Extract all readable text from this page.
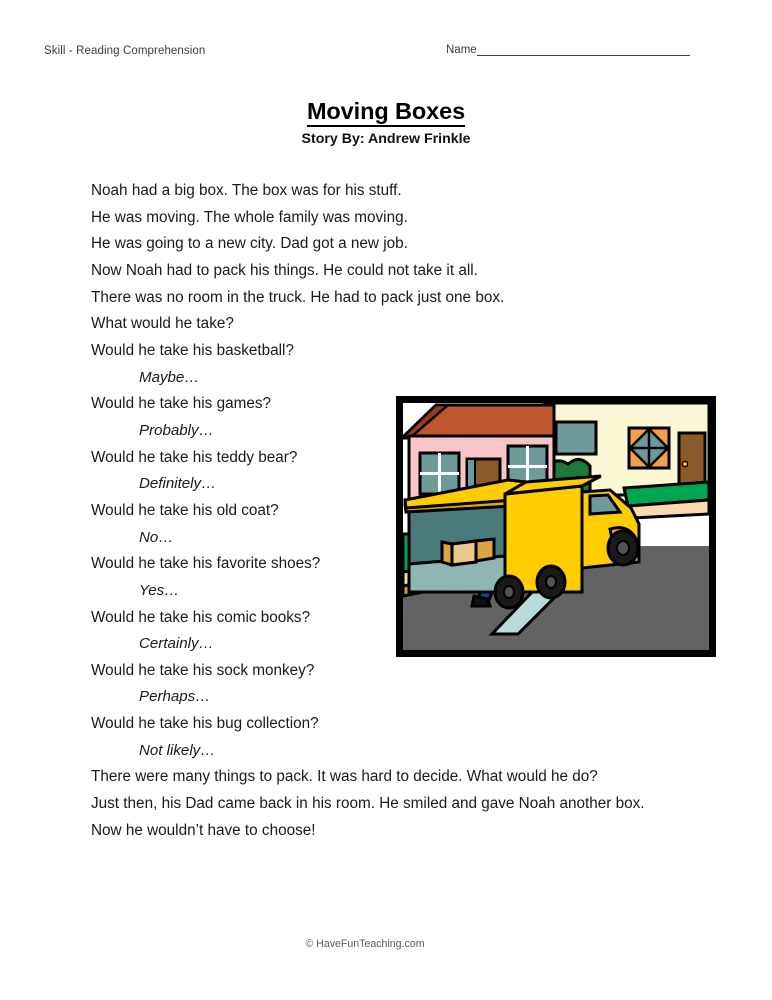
Skill - Reading Comprehension	Name
Moving Boxes
Story By: Andrew Frinkle
Noah had a big box. The box was for his stuff.
He was moving. The whole family was moving.
He was going to a new city. Dad got a new job.
Now Noah had to pack his things. He could not take it all.
There was no room in the truck. He had to pack just one box.
What would he take?
Would he take his basketball?
Maybe…
Would he take his games?
Probably…
Would he take his teddy bear?
Definitely…
Would he take his old coat?
No…
Would he take his favorite shoes?
Yes…
Would he take his comic books?
Certainly…
Would he take his sock monkey?
Perhaps…
Would he take his bug collection?
Not likely…
There were many things to pack. It was hard to decide. What would he do?
Just then, his Dad came back in his room. He smiled and gave Noah another box.
Now he wouldn’t have to choose!
© HaveFunTeaching.com
